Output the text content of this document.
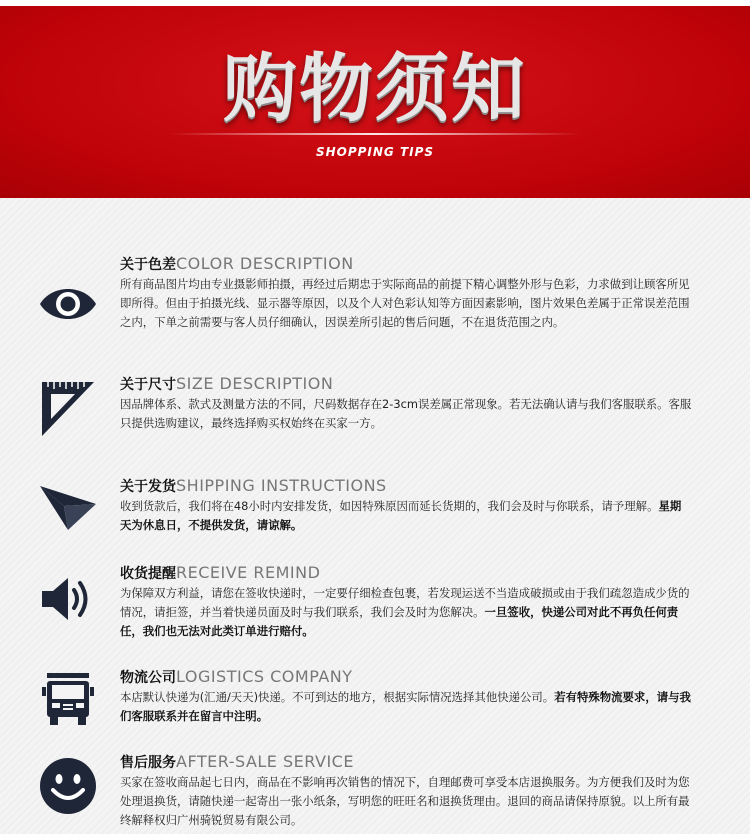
购物须知
SHOPPING TIPS
关于色差COLOR DESCRIPTION
所有商品图片均由专业摄影师拍摄，再经过后期忠于实际商品的前提下精心调整外形与色彩，力求做到让顾客所见即所得。但由于拍摄光线、显示器等原因，以及个人对色彩认知等方面因素影响，图片效果色差属于正常误差范围之内，下单之前需要与客人员仔细确认，因误差所引起的售后问题，不在退货范围之内。
关于尺寸SIZE DESCRIPTION
因品牌体系、款式及测量方法的不同，尺码数据存在2-3cm误差属正常现象。若无法确认请与我们客服联系。客服只提供选购建议，最终选择购买权始终在买家一方。
关于发货SHIPPING INSTRUCTIONS
收到货款后，我们将在48小时内安排发货，如因特殊原因而延长货期的，我们会及时与你联系，请予理解。星期天为休息日，不提供发货，请谅解。
收货提醒RECEIVE REMIND
为保障双方利益，请您在签收快递时，一定要仔细检查包裹，若发现运送不当造成破损或由于我们疏忽造成少货的情况，请拒签，并当着快递员面及时与我们联系，我们会及时为您解决。一旦签收，快递公司对此不再负任何责任，我们也无法对此类订单进行赔付。
物流公司LOGISTICS COMPANY
本店默认快递为(汇通/天天)快递。不可到达的地方，根据实际情况选择其他快递公司。若有特殊物流要求，请与我们客服联系并在留言中注明。
售后服务AFTER-SALE SERVICE
买家在签收商品起七日内，商品在不影响再次销售的情况下，自理邮费可享受本店退换服务。为方便我们及时为您处理退换货，请随快递一起寄出一张小纸条，写明您的旺旺名和退换货理由。退回的商品请保持原貌。以上所有最终解释权归广州骑锐贸易有限公司。
